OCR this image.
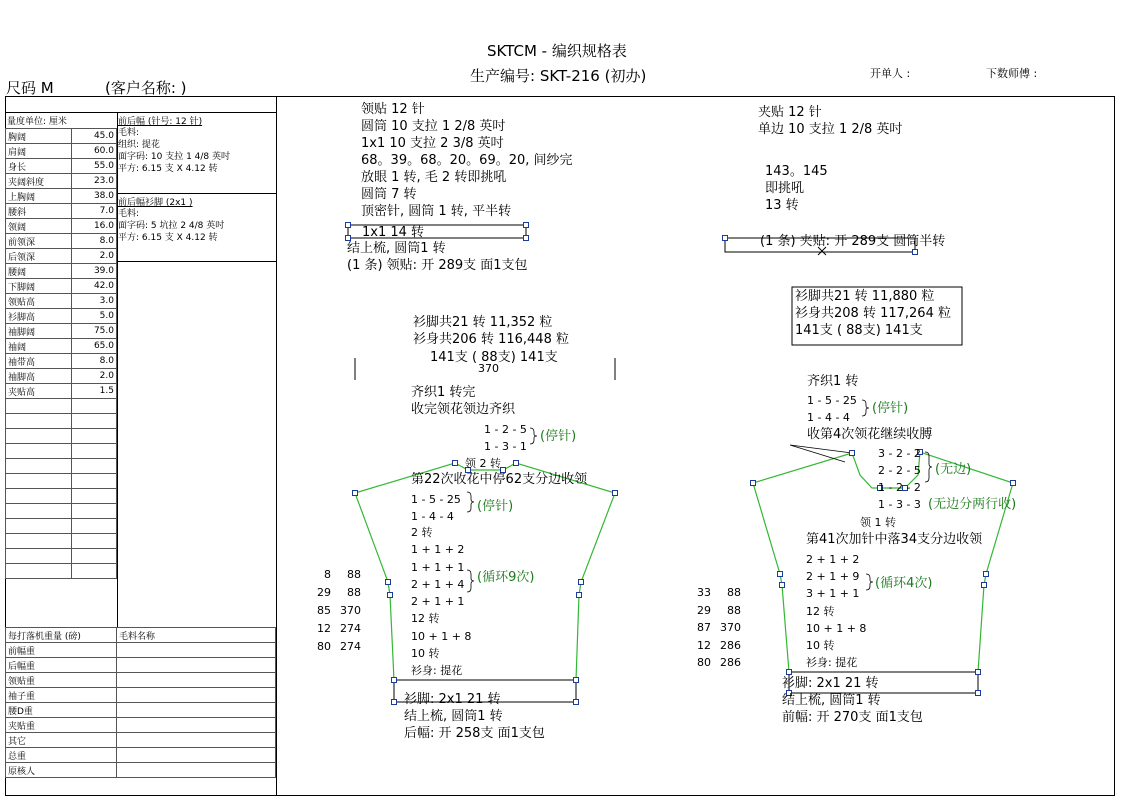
SKTCM - 编织规格表
生产编号: SKT-216 (初办)	开单人 :	下数师傅 :
尺码 M	(客户名称: )
量度单位: 厘米
胸阔	45.0
肩阔	60.0
身长	55.0
夹阔斜度	23.0
上胸阔	38.0
腰斜	7.0
领阔	16.0
前领深	8.0
后领深	2.0
腰阔	39.0
下脚阔	42.0
领贴高	3.0
衫脚高	5.0
袖脚阔	75.0
袖阔	65.0
袖带高	8.0
袖脚高	2.0
夹贴高	1.5

前后幅 (针号: 12 针)
毛料:
组织: 提花
面字码: 10 支拉 1 4/8 英吋
平方: 6.15 支 X 4.12 转
前后幅衫脚 (2x1 )
毛料:
面字码: 5 坑拉 2 4/8 英吋
平方: 6.15 支 X 4.12 转
每打落机重量 (磅)	毛料名称
前幅重	
后幅重	
领贴重	
袖子重	
腰D重	
夹贴重	
其它	
总重	
原核人	
领贴 12 针
圆筒 10 支拉 1 2/8 英吋
1x1 10 支拉 2 3/8 英吋
68。39。68。20。69。20, 间纱完
放眼 1 转, 毛 2 转即挑吼
圆筒 7 转
顶密针, 圆筒 1 转, 平半转
1x1 14 转
结上梳, 圆筒1 转
(1 条) 领贴: 开 289支 面1支包
衫脚共21 转 11,352 粒
衫身共206 转 116,448 粒
141支 ( 88支) 141支
370
齐织1 转完
收完领花领边齐织
1 - 2 - 5
1 - 3 - 1
(停针)
领 2 转
第22次收花中停62支分边收领
1 - 5 - 25
1 - 4 - 4
(停针)
2 转
1 + 1 + 2
1 + 1 + 1
2 + 1 + 4
2 + 1 + 1
12 转
10 + 1 + 8
10 转
衫身: 提花
(循环9次)
8 88
29 88
85 370
12 274
80 274
衫脚: 2x1 21 转
结上梳, 圆筒1 转
后幅: 开 258支 面1支包
夹贴 12 针
单边 10 支拉 1 2/8 英吋
143。145
即挑吼
13 转
(1 条) 夹贴: 开 289支 圆筒半转
衫脚共21 转 11,880 粒
衫身共208 转 117,264 粒
141支 ( 88支) 141支
齐织1 转
1 - 5 - 25
1 - 4 - 4
(停针)
收第4次领花继续收膊
3 - 2 - 2
2 - 2 - 5
1 - 2 - 2
1 - 3 - 3
(无边)
(无边分两行收)
领 1 转
第41次加针中落34支分边收领
2 + 1 + 2
2 + 1 + 9
3 + 1 + 1
12 转
10 + 1 + 8
10 转
衫身: 提花
(循环4次)
33 88
29 88
87 370
12 286
80 286
衫脚: 2x1 21 转
结上梳, 圆筒1 转
前幅: 开 270支 面1支包
